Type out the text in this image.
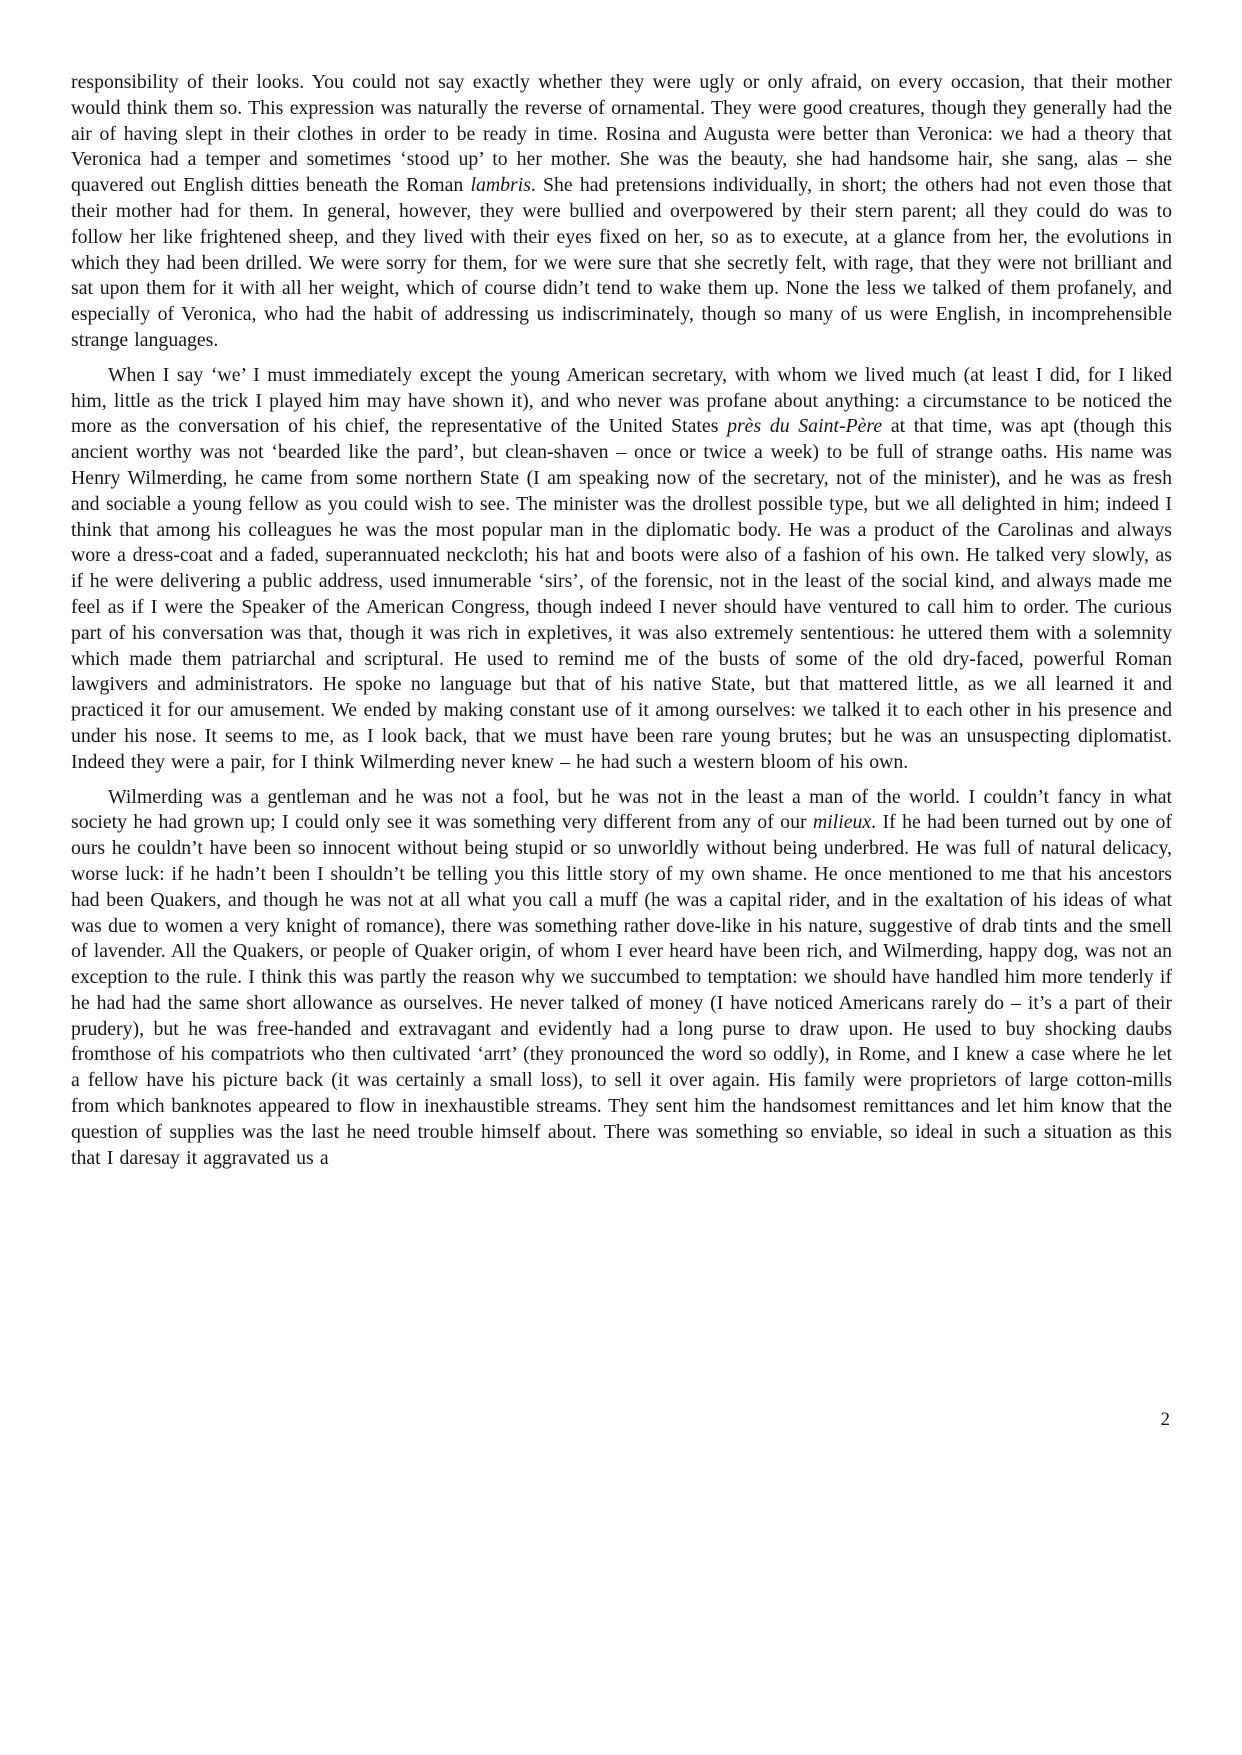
responsibility of their looks. You could not say exactly whether they were ugly or only afraid, on every occasion, that their mother would think them so. This expression was naturally the reverse of ornamental. They were good creatures, though they generally had the air of having slept in their clothes in order to be ready in time. Rosina and Augusta were better than Veronica: we had a theory that Veronica had a temper and sometimes ‘stood up’ to her mother. She was the beauty, she had handsome hair, she sang, alas – she quavered out English ditties beneath the Roman lambris. She had pretensions individually, in short; the others had not even those that their mother had for them. In general, however, they were bullied and overpowered by their stern parent; all they could do was to follow her like frightened sheep, and they lived with their eyes fixed on her, so as to execute, at a glance from her, the evolutions in which they had been drilled. We were sorry for them, for we were sure that she secretly felt, with rage, that they were not brilliant and sat upon them for it with all her weight, which of course didn’t tend to wake them up. None the less we talked of them profanely, and especially of Veronica, who had the habit of addressing us indiscriminately, though so many of us were English, in incomprehensible strange languages.

When I say ‘we’ I must immediately except the young American secretary, with whom we lived much (at least I did, for I liked him, little as the trick I played him may have shown it), and who never was profane about anything: a circumstance to be noticed the more as the conversation of his chief, the representative of the United States près du Saint-Père at that time, was apt (though this ancient worthy was not ‘bearded like the pard’, but clean-shaven – once or twice a week) to be full of strange oaths. His name was Henry Wilmerding, he came from some northern State (I am speaking now of the secretary, not of the minister), and he was as fresh and sociable a young fellow as you could wish to see. The minister was the drollest possible type, but we all delighted in him; indeed I think that among his colleagues he was the most popular man in the diplomatic body. He was a product of the Carolinas and always wore a dress-coat and a faded, superannuated neckcloth; his hat and boots were also of a fashion of his own. He talked very slowly, as if he were delivering a public address, used innumerable ‘sirs’, of the forensic, not in the least of the social kind, and always made me feel as if I were the Speaker of the American Congress, though indeed I never should have ventured to call him to order. The curious part of his conversation was that, though it was rich in expletives, it was also extremely sententious: he uttered them with a solemnity which made them patriarchal and scriptural. He used to remind me of the busts of some of the old dry-faced, powerful Roman lawgivers and administrators. He spoke no language but that of his native State, but that mattered little, as we all learned it and practiced it for our amusement. We ended by making constant use of it among ourselves: we talked it to each other in his presence and under his nose. It seems to me, as I look back, that we must have been rare young brutes; but he was an unsuspecting diplomatist. Indeed they were a pair, for I think Wilmerding never knew – he had such a western bloom of his own.

Wilmerding was a gentleman and he was not a fool, but he was not in the least a man of the world. I couldn’t fancy in what society he had grown up; I could only see it was something very different from any of our milieux. If he had been turned out by one of ours he couldn’t have been so innocent without being stupid or so unworldly without being underbred. He was full of natural delicacy, worse luck: if he hadn’t been I shouldn’t be telling you this little story of my own shame. He once mentioned to me that his ancestors had been Quakers, and though he was not at all what you call a muff (he was a capital rider, and in the exaltation of his ideas of what was due to women a very knight of romance), there was something rather dove-like in his nature, suggestive of drab tints and the smell of lavender. All the Quakers, or people of Quaker origin, of whom I ever heard have been rich, and Wilmerding, happy dog, was not an exception to the rule. I think this was partly the reason why we succumbed to temptation: we should have handled him more tenderly if he had had the same short allowance as ourselves. He never talked of money (I have noticed Americans rarely do – it’s a part of their prudery), but he was free-handed and extravagant and evidently had a long purse to draw upon. He used to buy shocking daubs fromthose of his compatriots who then cultivated ‘arrt’ (they pronounced the word so oddly), in Rome, and I knew a case where he let a fellow have his picture back (it was certainly a small loss), to sell it over again. His family were proprietors of large cotton-mills from which banknotes appeared to flow in inexhaustible streams. They sent him the handsomest remittances and let him know that the question of supplies was the last he need trouble himself about. There was something so enviable, so ideal in such a situation as this that I daresay it aggravated us a

2
